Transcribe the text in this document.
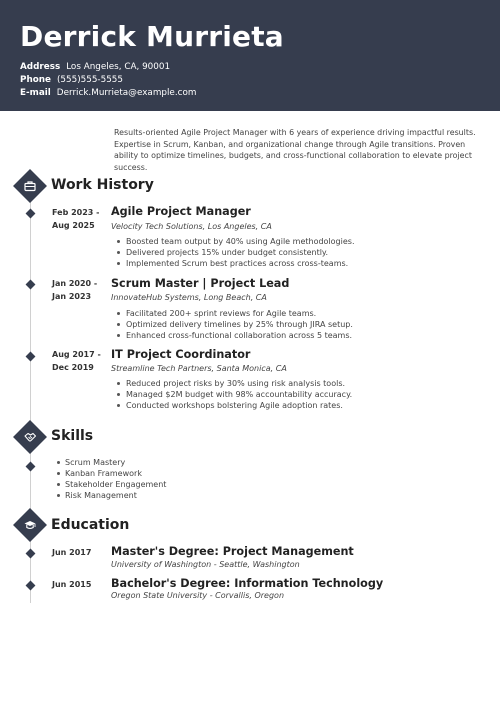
Derrick Murrieta
Address Los Angeles, CA, 90001
Phone (555)555-5555
E-mail Derrick.Murrieta@example.com
Results-oriented Agile Project Manager with 6 years of experience driving impactful results. Expertise in Scrum, Kanban, and organizational change through Agile transitions. Proven ability to optimize timelines, budgets, and cross-functional collaboration to elevate project success.
Work History
Feb 2023 -
Aug 2025
Agile Project Manager
Velocity Tech Solutions, Los Angeles, CA
Boosted team output by 40% using Agile methodologies.
Delivered projects 15% under budget consistently.
Implemented Scrum best practices across cross-teams.
Jan 2020 -
Jan 2023
Scrum Master | Project Lead
InnovateHub Systems, Long Beach, CA
Facilitated 200+ sprint reviews for Agile teams.
Optimized delivery timelines by 25% through JIRA setup.
Enhanced cross-functional collaboration across 5 teams.
Aug 2017 -
Dec 2019
IT Project Coordinator
Streamline Tech Partners, Santa Monica, CA
Reduced project risks by 30% using risk analysis tools.
Managed $2M budget with 98% accountability accuracy.
Conducted workshops bolstering Agile adoption rates.
Skills
Scrum Mastery
Kanban Framework
Stakeholder Engagement
Risk Management
Education
Jun 2017 Master's Degree: Project Management
University of Washington - Seattle, Washington
Jun 2015 Bachelor's Degree: Information Technology
Oregon State University - Corvallis, Oregon
